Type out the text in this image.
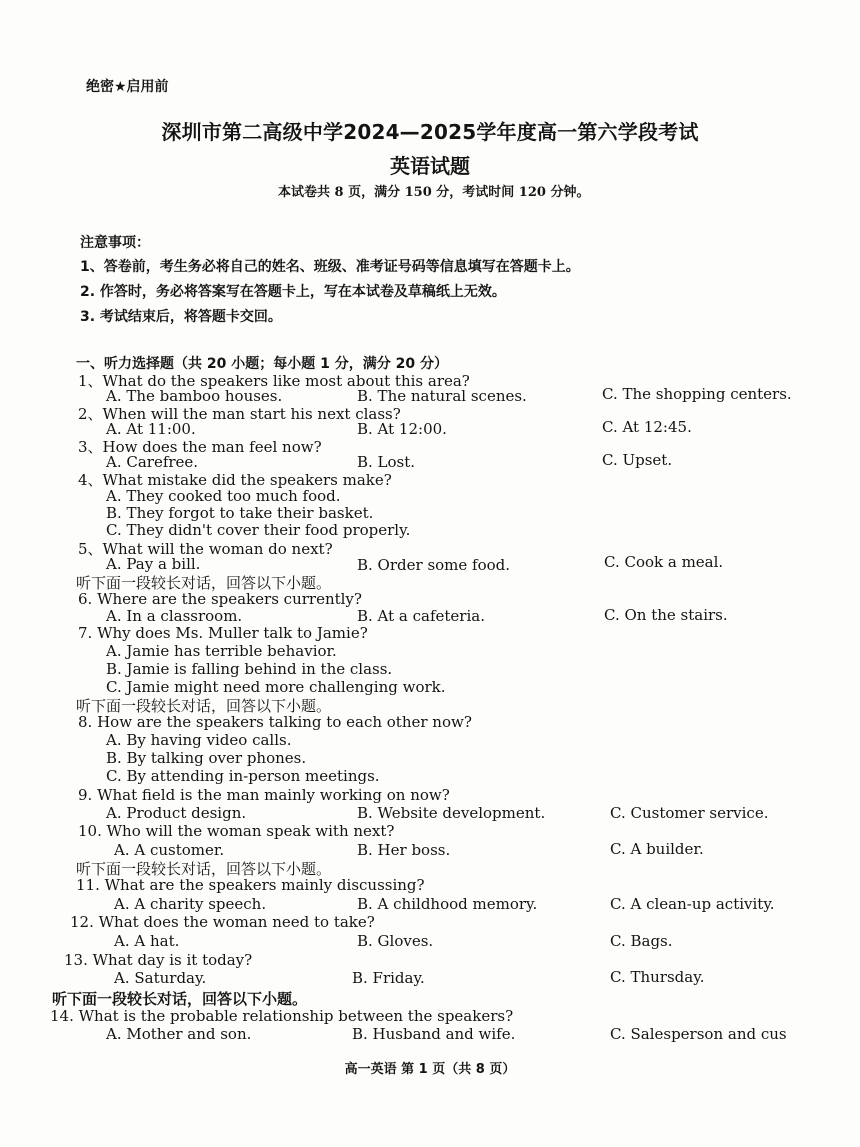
绝密★启用前
深圳市第二高级中学2024—2025学年度高一第六学段考试
英语试题
本试卷共 8 页，满分 150 分，考试时间 120 分钟。
注意事项：
1、答卷前，考生务必将自己的姓名、班级、准考证号码等信息填写在答题卡上。
2. 作答时，务必将答案写在答题卡上，写在本试卷及草稿纸上无效。
3. 考试结束后，将答题卡交回。
一、听力选择题（共 20 小题；每小题 1 分，满分 20 分）
1、What do the speakers like most about this area?
A. The bamboo houses.	B. The natural scenes.	C. The shopping centers.
2、When will the man start his next class?
A. At 11:00.	B. At 12:00.	C. At 12:45.
3、How does the man feel now?
A. Carefree.	B. Lost.	C. Upset.
4、What mistake did the speakers make?
A. They cooked too much food.
B. They forgot to take their basket.
C. They didn't cover their food properly.
5、What will the woman do next?
A. Pay a bill.	B. Order some food.	C. Cook a meal.
听下面一段较长对话，回答以下小题。
6. Where are the speakers currently?
A. In a classroom.	B. At a cafeteria.	C. On the stairs.
7. Why does Ms. Muller talk to Jamie?
A. Jamie has terrible behavior.
B. Jamie is falling behind in the class.
C. Jamie might need more challenging work.
听下面一段较长对话，回答以下小题。
8. How are the speakers talking to each other now?
A. By having video calls.
B. By talking over phones.
C. By attending in-person meetings.
9. What field is the man mainly working on now?
A. Product design.	B. Website development.	C. Customer service.
10. Who will the woman speak with next?
A. A customer.	B. Her boss.	C. A builder.
听下面一段较长对话，回答以下小题。
11. What are the speakers mainly discussing?
A. A charity speech.	B. A childhood memory.	C. A clean-up activity.
12. What does the woman need to take?
A. A hat.	B. Gloves.	C. Bags.
13. What day is it today?
A. Saturday.	B. Friday.	C. Thursday.
听下面一段较长对话，回答以下小题。
14. What is the probable relationship between the speakers?
A. Mother and son.	B. Husband and wife.	C. Salesperson and cus
高一英语 第 1 页（共 8 页）
